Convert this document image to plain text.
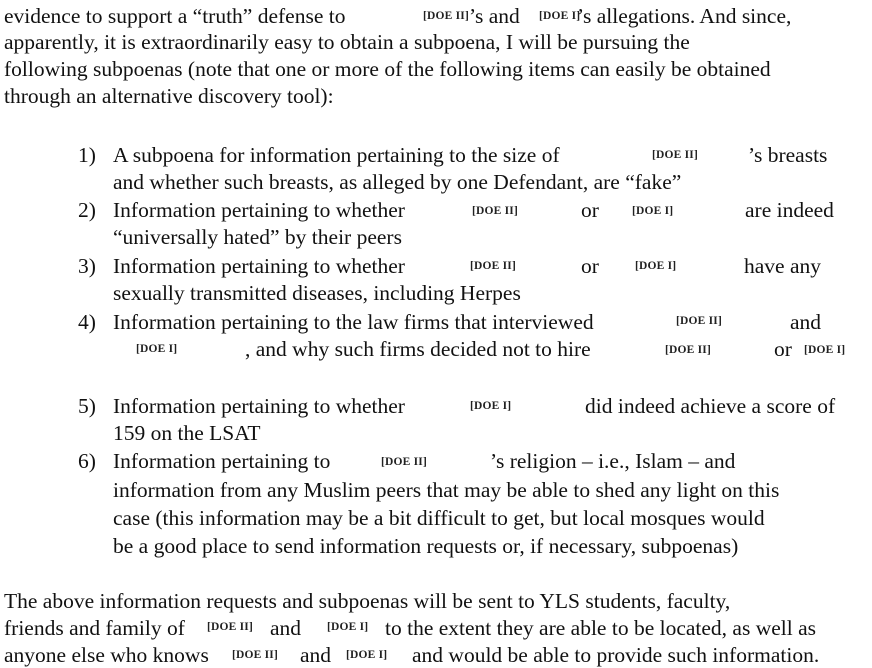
evidence to support a “truth” defense to	[DOE II] ’s and [DOE I]
’s allegations. And since,
apparently, it is extraordinarily easy to obtain a subpoena, I will be pursuing the
following subpoenas (note that one or more of the following items can easily be obtained
through an alternative discovery tool):
1) A subpoena for information pertaining to the size of	[DOE II] ’s breasts
and whether such breasts, as alleged by one Defendant, are “fake”
2) Information pertaining to whether	[DOE II]	or	[DOE I]	are indeed
“universally hated” by their peers
3) Information pertaining to whether	[DOE II]	or	[DOE I]	have any
sexually transmitted diseases, including Herpes
4) Information pertaining to the law firms that interviewed	[DOE II]	and
[DOE I]	, and why such firms decided not to hire	[DOE II]	or [DOE I]
5) Information pertaining to whether	[DOE I]	did indeed achieve a score of
159 on the LSAT
6) Information pertaining to	[DOE II]	’s religion – i.e., Islam – and
information from any Muslim peers that may be able to shed any light on this
case (this information may be a bit difficult to get, but local mosques would
be a good place to send information requests or, if necessary, subpoenas)
The above information requests and subpoenas will be sent to YLS students, faculty,
friends and family of [DOE II] and [DOE I] to the extent they are able to be located, as well as
anyone else who knows [DOE II] and [DOE I] and would be able to provide such information.
